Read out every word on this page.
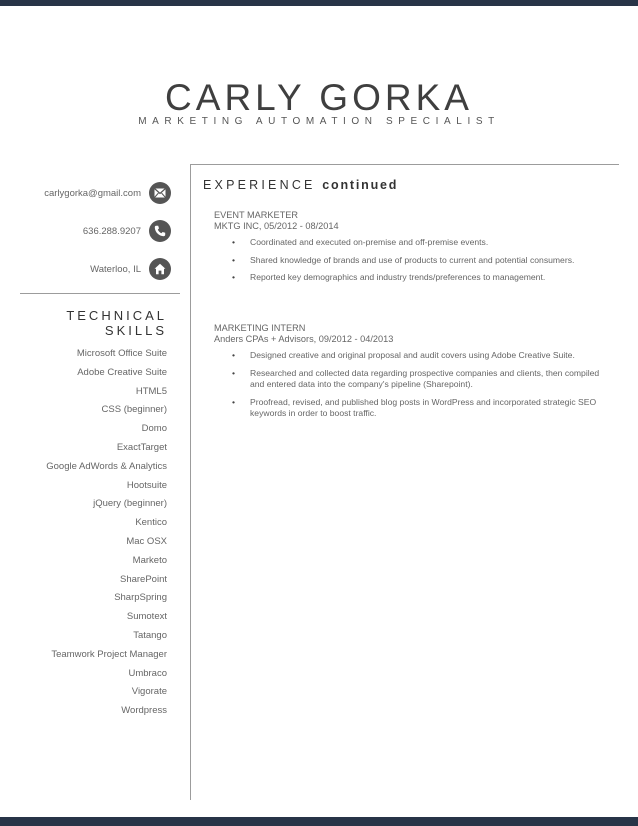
CARLY GORKA
MARKETING AUTOMATION SPECIALIST
carlygorka@gmail.com
636.288.9207
Waterloo, IL
TECHNICAL
SKILLS
Microsoft Office Suite
Adobe Creative Suite
HTML5
CSS (beginner)
Domo
ExactTarget
Google AdWords & Analytics
Hootsuite
jQuery (beginner)
Kentico
Mac OSX
Marketo
SharePoint
SharpSpring
Sumotext
Tatango
Teamwork Project Manager
Umbraco
Vigorate
Wordpress
EXPERIENCE continued
EVENT MARKETER
MKTG INC, 05/2012 - 08/2014
• Coordinated and executed on-premise and off-premise events.
• Shared knowledge of brands and use of products to current and potential consumers.
• Reported key demographics and industry trends/preferences to management.
MARKETING INTERN
Anders CPAs + Advisors, 09/2012 - 04/2013
• Designed creative and original proposal and audit covers using Adobe Creative Suite.
• Researched and collected data regarding prospective companies and clients, then compiled and entered data into the company's pipeline (Sharepoint).
• Proofread, revised, and published blog posts in WordPress and incorporated strategic SEO keywords in order to boost traffic.
